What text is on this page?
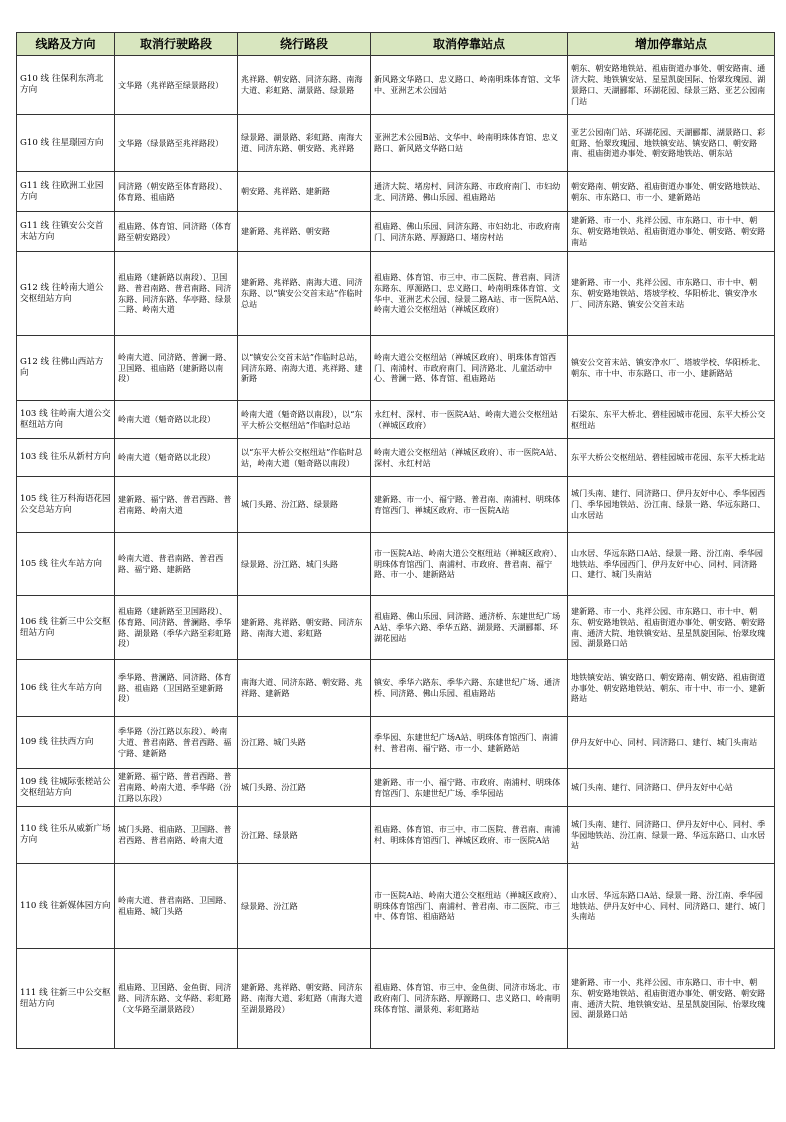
线路及方向	取消行驶路段	绕行路段	取消停靠站点	增加停靠站点
G10 线 往保利东湾北方向	文华路（兆祥路至绿景路段）	兆祥路、朝安路、同济东路、南海大道、彩虹路、湖景路、绿景路	新风路文华路口、忠义路口、岭南明珠体育馆、文华中、亚洲艺术公园站	朝东、朝安路地铁站、祖庙街道办事处、朝安路南、通济大院、地铁镇安站、星星凯旋国际、怡翠玫瑰园、湖景路口、天湖郦都、环湖花园、绿景三路、亚艺公园南门站
G10 线 往星璟园方向	文华路（绿景路至兆祥路段）	绿景路、湖景路、彩虹路、南海大道、同济东路、朝安路、兆祥路	亚洲艺术公园B站、文华中、岭南明珠体育馆、忠义路口、新风路文华路口站	亚艺公园南门站、环湖花园、天湖郦都、湖景路口、彩虹路、怡翠玫瑰园、地铁镇安站、镇安路口、朝安路南、祖庙街道办事处、朝安路地铁站、朝东站
G11 线 往欧洲工业园方向	同济路（朝安路至体育路段）、体育路、祖庙路	朝安路、兆祥路、建新路	通济大院、堵房村、同济东路、市政府南门、市妇幼北、同济路、佛山乐园、祖庙路站	朝安路南、朝安路、祖庙街道办事处、朝安路地铁站、朝东、市东路口、市一小、建新路站
G11 线 往镇安公交首末站方向	祖庙路、体育馆、同济路（体育路至朝安路段）	建新路、兆祥路、朝安路	祖庙路、佛山乐园、同济东路、市妇幼北、市政府南门、同济东路、厚源路口、堵房村站	建新路、市一小、兆祥公园、市东路口、市十中、朝东、朝安路地铁站、祖庙街道办事处、朝安路、朝安路南站
G12 线 往岭南大道公交枢纽站方向	祖庙路（建新路以南段）、卫国路、普君南路、普君南路、同济东路、同济东路、华亭路、绿景二路、岭南大道	建新路、兆祥路、南海大道、同济东路、以“镇安公交首末站”作临时总站	祖庙路、体育馆、市三中、市二医院、普君南、同济东路东、厚源路口、忠义路口、岭南明珠体育馆、文华中、亚洲艺术公园、绿景二路A站、市一医院A站、岭南大道公交枢纽站（禅城区政府）	建新路、市一小、兆祥公园、市东路口、市十中、朝东、朝安路地铁站、塔坡学校、华阳桥北、镇安净水厂、同济东路、镇安公交首末站
G12 线 往佛山西站方向	岭南大道、同济路、普澜一路、卫国路、祖庙路（建新路以南段）	以“镇安公交首末站”作临时总站，同济东路、南海大道、兆祥路、建新路	岭南大道公交枢纽站（禅城区政府）、明珠体育馆西门、南浦村、市政府南门、同济路北、儿童活动中心、普澜一路、体育馆、祖庙路站	镇安公交首末站、镇安净水厂、塔坡学校、华阳桥北、朝东、市十中、市东路口、市一小、建新路站
103 线 往岭南大道公交枢纽站方向	岭南大道（魁奇路以北段）	岭南大道（魁奇路以南段），以“东平大桥公交枢纽站”作临时总站	永红村、深村、市一医院A站、岭南大道公交枢纽站（禅城区政府）	石梁东、东平大桥北、碧桂园城市花园、东平大桥公交枢纽站
103 线 往乐从新村方向	岭南大道（魁奇路以北段）	以“东平大桥公交枢纽站”作临时总站，岭南大道（魁奇路以南段）	岭南大道公交枢纽站（禅城区政府）、市一医院A站、深村、永红村站	东平大桥公交枢纽站、碧桂园城市花园、东平大桥北站
105 线 往万科海语花园公交总站方向	建新路、福宁路、普君西路、普君南路、岭南大道	城门头路、汾江路、绿景路	建新路、市一小、福宁路、普君南、南浦村、明珠体育馆西门、禅城区政府、市一医院A站	城门头南、建行、同济路口、伊丹友好中心、季华园西门、季华园地铁站、汾江南、绿景一路、华远东路口、山水居站
105 线 往火车站方向	岭南大道、普君南路、普君西路、福宁路、建新路	绿景路、汾江路、城门头路	市一医院A站、岭南大道公交枢纽站（禅城区政府）、明珠体育馆西门、南浦村、市政府、普君南、福宁路、市一小、建新路站	山水居、华远东路口A站、绿景一路、汾江南、季华园地铁站、季华园西门、伊丹友好中心、同村、同济路口、建行、城门头南站
106 线 往新三中公交枢纽站方向	祖庙路（建新路至卫国路段）、体育路、同济路、普澜路、季华路、湖景路（季华六路至彩虹路段）	建新路、兆祥路、朝安路、同济东路、南海大道、彩虹路	祖庙路、佛山乐园、同济路、通济桥、东建世纪广场A站、季华六路、季华五路、湖景路、天湖郦都、环湖花园站	建新路、市一小、兆祥公园、市东路口、市十中、朝东、朝安路地铁站、祖庙街道办事处、朝安路、朝安路南、通济大院、地铁镇安站、星星凯旋国际、怡翠玫瑰园、湖景路口站
106 线 往火车站方向	季华路、普澜路、同济路、体育路、祖庙路（卫国路至建新路段）	南海大道、同济东路、朝安路、兆祥路、建新路	镇安、季华六路东、季华六路、东建世纪广场、通济桥、同济路、佛山乐园、祖庙路站	地铁镇安站、镇安路口、朝安路南、朝安路、祖庙街道办事处、朝安路地铁站、朝东、市十中、市一小、建新路站
109 线 往扶西方向	季华路（汾江路以东段）、岭南大道、普君南路、普君西路、福宁路、建新路	汾江路、城门头路	季华园、东建世纪广场A站、明珠体育馆西门、南浦村、普君南、福宁路、市一小、建新路站	伊丹友好中心、同村、同济路口、建行、城门头南站
109 线 往城际张槎站公交枢纽站方向	建新路、福宁路、普君西路、普君南路、岭南大道、季华路（汾江路以东段）	城门头路、汾江路	建新路、市一小、福宁路、市政府、南浦村、明珠体育馆西门、东建世纪广场、季华园站	城门头南、建行、同济路口、伊丹友好中心站
110 线 往乐从威新广场方向	城门头路、祖庙路、卫国路、普君西路、普君南路、岭南大道	汾江路、绿景路	祖庙路、体育馆、市三中、市二医院、普君南、南浦村、明珠体育馆西门、禅城区政府、市一医院A站	城门头南、建行、同济路口、伊丹友好中心、同村、季华园地铁站、汾江南、绿景一路、华远东路口、山水居站
110 线 往新媒体园方向	岭南大道、普君南路、卫国路、祖庙路、城门头路	绿景路、汾江路	市一医院A站、岭南大道公交枢纽站（禅城区政府）、明珠体育馆西门、南浦村、普君南、市二医院、市三中、体育馆、祖庙路站	山水居、华远东路口A站、绿景一路、汾江南、季华园地铁站、伊丹友好中心、同村、同济路口、建行、城门头南站
111 线 往新三中公交枢纽站方向	祖庙路、卫国路、金鱼街、同济路、同济东路、文华路、彩虹路（文华路至湖景路段）	建新路、兆祥路、朝安路、同济东路、南海大道、彩虹路（南海大道至湖景路段）	祖庙路、体育馆、市三中、金鱼街、同济市场北、市政府南门、同济东路、厚源路口、忠义路口、岭南明珠体育馆、湖景苑、彩虹路站	建新路、市一小、兆祥公园、市东路口、市十中、朝东、朝安路地铁站、祖庙街道办事处、朝安路、朝安路南、通济大院、地铁镇安站、星星凯旋国际、怡翠玫瑰园、湖景路口站
